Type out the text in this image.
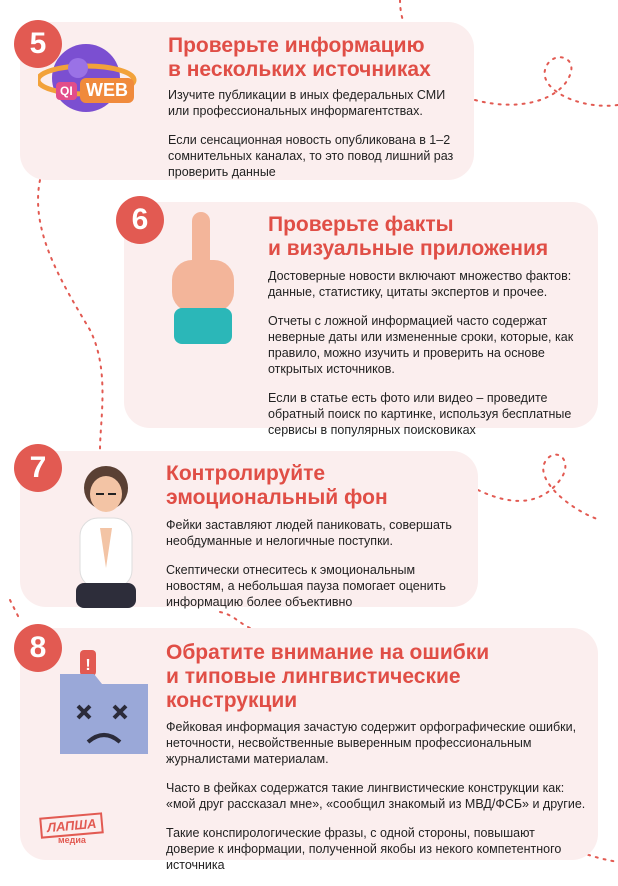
5
WEB
QI
Проверьте информацию
в нескольких источниках

Изучите публикации в иных федеральных СМИ или профессиональных информагентствах.

Если сенсационная новость опубликована в 1–2 сомнительных каналах, то это повод лишний раз проверить данные

6	Проверьте факты
и визуальные приложения

Достоверные новости включают множество фактов: данные, статистику, цитаты экспертов и прочее.

Отчеты с ложной информацией часто содержат неверные даты или измененные сроки, которые, как правило, можно изучить и проверить на основе открытых источников.

Если в статье есть фото или видео – проведите обратный поиск по картинке, используя бесплатные сервисы в популярных поисковиках

7	Контролируйте
эмоциональный фон

Фейки заставляют людей паниковать, совершать необдуманные и нелогичные поступки.

Скептически отнеситесь к эмоциональным новостям, а небольшая пауза помогает оценить информацию более объективно

8
!
Обратите внимание на ошибки
и типовые лингвистические
конструкции

Фейковая информация зачастую содержит орфографические ошибки, неточности, несвойственные выверенным профессиональным журналистами материалам.

Часто в фейках содержатся такие лингвистические конструкции как: «мой друг рассказал мне», «сообщил знакомый из МВД/ФСБ» и другие.

Такие конспирологические фразы, с одной стороны, повышают доверие к информации, полученной якобы из некого компетентного источника

ЛАПША
медиа
